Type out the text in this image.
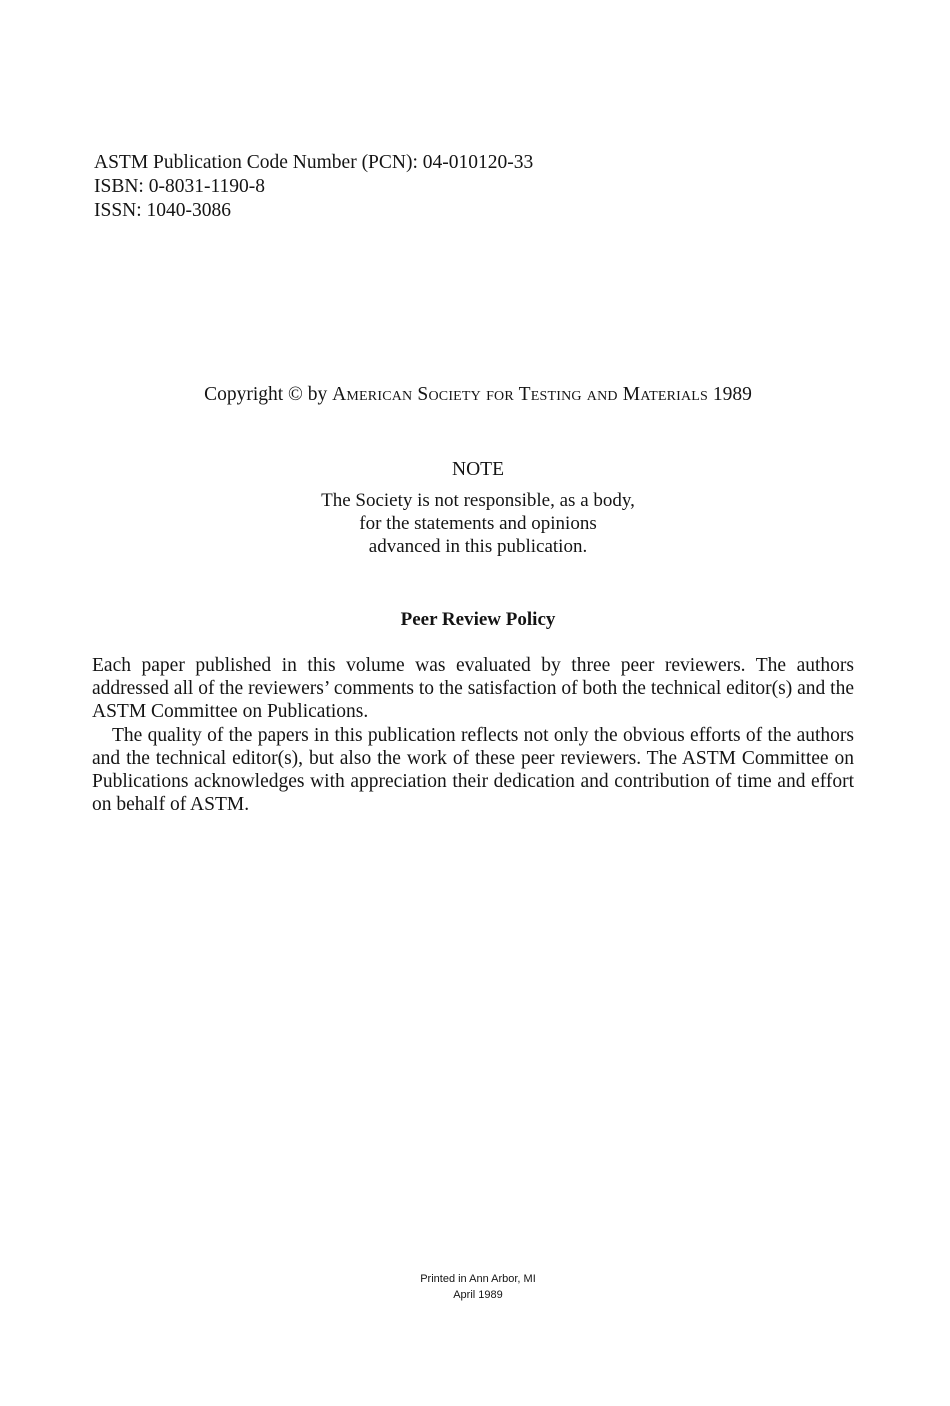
ASTM Publication Code Number (PCN): 04-010120-33
ISBN: 0-8031-1190-8
ISSN: 1040-3086
Copyright © by American Society for Testing and Materials 1989
NOTE
The Society is not responsible, as a body,
for the statements and opinions
advanced in this publication.
Peer Review Policy

Each paper published in this volume was evaluated by three peer reviewers. The authors addressed all of the reviewers’ comments to the satisfaction of both the technical editor(s) and the ASTM Committee on Publications.

The quality of the papers in this publication reflects not only the obvious efforts of the authors and the technical editor(s), but also the work of these peer reviewers. The ASTM Committee on Publications acknowledges with appreciation their dedication and contribution of time and effort on behalf of ASTM.

Printed in Ann Arbor, MI
April 1989
